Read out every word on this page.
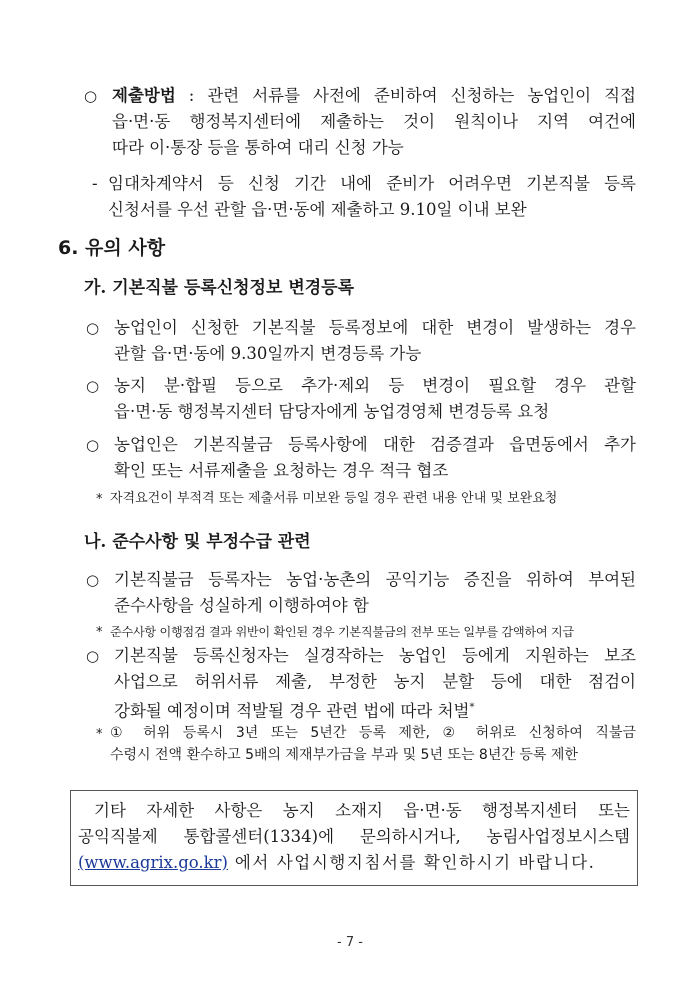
○ 제출방법 : 관련 서류를 사전에 준비하여 신청하는 농업인이 직접
읍·면·동 행정복지센터에 제출하는 것이 원칙이나 지역 여건에
따라 이·통장 등을 통하여 대리 신청 가능
- 임대차계약서 등 신청 기간 내에 준비가 어려우면 기본직불 등록
신청서를 우선 관할 읍·면·동에 제출하고 9.10일 이내 보완
6. 유의 사항
가. 기본직불 등록신청정보 변경등록
○ 농업인이 신청한 기본직불 등록정보에 대한 변경이 발생하는 경우
관할 읍·면·동에 9.30일까지 변경등록 가능
○ 농지 분·합필 등으로 추가·제외 등 변경이 필요할 경우 관할
읍·면·동 행정복지센터 담당자에게 농업경영체 변경등록 요청
○ 농업인은 기본직불금 등록사항에 대한 검증결과 읍면동에서 추가
확인 또는 서류제출을 요청하는 경우 적극 협조
* 자격요건이 부적격 또는 제출서류 미보완 등일 경우 관련 내용 안내 및 보완요청
나. 준수사항 및 부정수급 관련
○ 기본직불금 등록자는 농업·농촌의 공익기능 증진을 위하여 부여된
준수사항을 성실하게 이행하여야 함
* 준수사항 이행점검 결과 위반이 확인된 경우 기본직불금의 전부 또는 일부를 감액하여 지급
○ 기본직불 등록신청자는 실경작하는 농업인 등에게 지원하는 보조
사업으로 허위서류 제출, 부정한 농지 분할 등에 대한 점검이
강화될 예정이며 적발될 경우 관련 법에 따라 처벌*
* ① 허위 등록시 3년 또는 5년간 등록 제한, ② 허위로 신청하여 직불금
수령시 전액 환수하고 5배의 제재부가금을 부과 및 5년 또는 8년간 등록 제한
기타 자세한 사항은 농지 소재지 읍·면·동 행정복지센터 또는
공익직불제 통합콜센터(1334)에 문의하시거나, 농림사업정보시스템
(www.agrix.go.kr) 에서 사업시행지침서를 확인하시기 바랍니다.
- 7 -
